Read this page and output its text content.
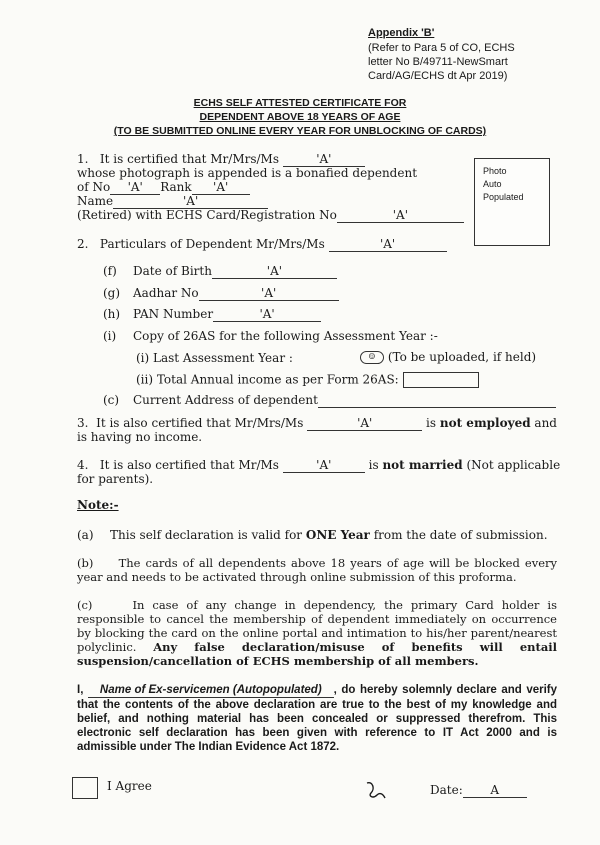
Appendix 'B'
(Refer to Para 5 of CO, ECHS
letter No B/49711-NewSmart
Card/AG/ECHS dt Apr 2019)
ECHS SELF ATTESTED CERTIFICATE FOR
DEPENDENT ABOVE 18 YEARS OF AGE
(TO BE SUBMITTED ONLINE EVERY YEAR FOR UNBLOCKING OF CARDS)
Photo
Auto
Populated
1. It is certified that Mr/Mrs/Ms	'A'
whose photograph is appended is a bonafied dependent
of No 'A' Rank 'A'
Name	'A'
(Retired) with ECHS Card/Registration No	'A'
2. Particulars of Dependent Mr/Mrs/Ms	'A'
(f) Date of Birth	'A'
(g) Aadhar No	'A'
(h) PAN Number	'A'
(i) Copy of 26AS for the following Assessment Year :-
(i) Last Assessment Year :	☺ (To be uploaded, if held)
(ii) Total Annual income as per Form 26AS:
(c) Current Address of dependent
3. It is also certified that Mr/Mrs/Ms	'A'	is not employed and
is having no income.
4. It is also certified that Mr/Ms	'A'	is not married (Not applicable
for parents).
Note:-
(a) This self declaration is valid for ONE Year from the date of submission.
(b) The cards of all dependents above 18 years of age will be blocked every year and needs to be activated through online submission of this proforma.
(c)	In case of any change in dependency, the primary Card holder is responsible to cancel the membership of dependent immediately on occurrence by blocking the card on the online portal and intimation to his/her parent/nearest polyclinic. Any false declaration/misuse of benefits will entail suspension/cancellation of ECHS membership of all members.
I, Name of Ex-servicemen (Autopopulated) , do hereby solemnly declare and verify that the contents of the above declaration are true to the best of my knowledge and belief, and nothing material has been concealed or suppressed therefrom. This electronic self declaration has been given with reference to IT Act 2000 and is admissible under The Indian Evidence Act 1872.
I Agree	Date: A
